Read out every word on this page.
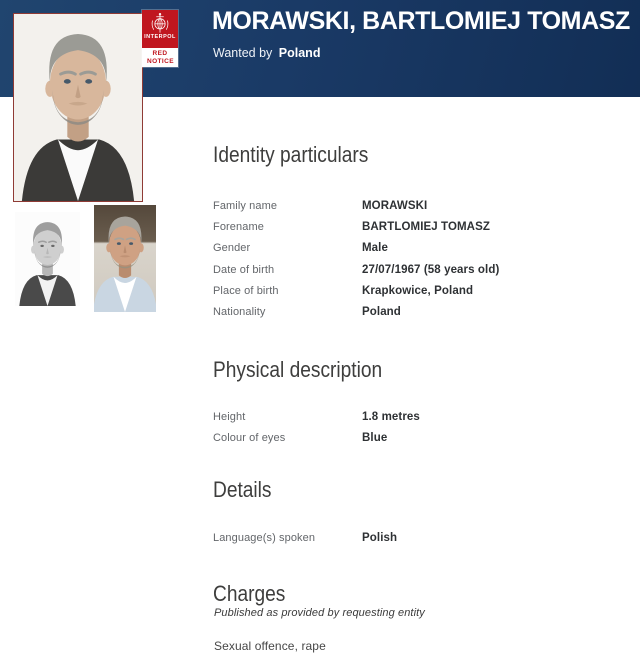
MORAWSKI, BARTLOMIEJ TOMASZ
Wanted by Poland
INTERPOL
RED NOTICE
Identity particulars
Family name	MORAWSKI
Forename	BARTLOMIEJ TOMASZ
Gender	Male
Date of birth	27/07/1967 (58 years old)
Place of birth	Krapkowice, Poland
Nationality	Poland
Physical description
Height	1.8 metres
Colour of eyes	Blue
Details
Language(s) spoken	Polish
Charges
Published as provided by requesting entity
Sexual offence, rape
